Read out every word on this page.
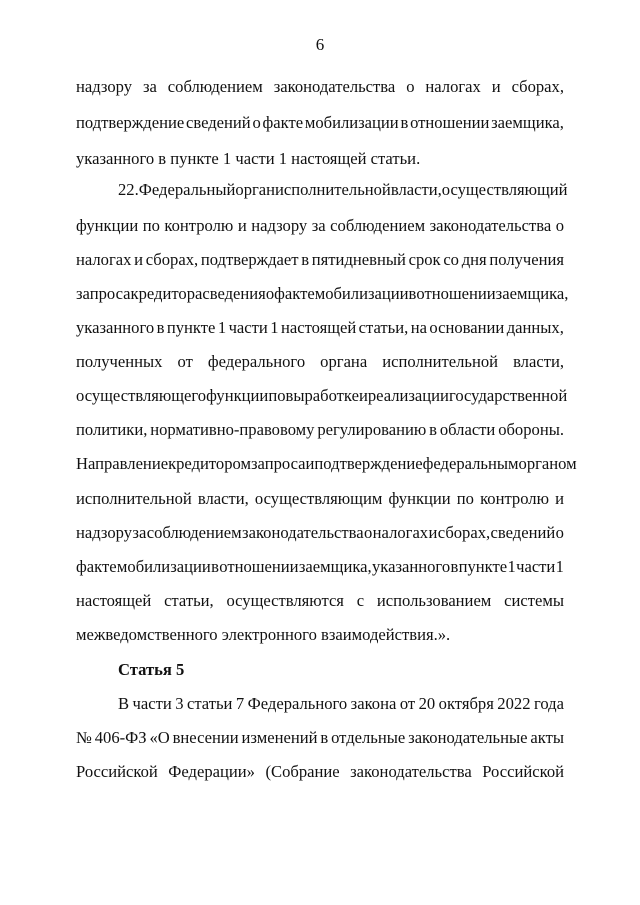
6
надзору за соблюдением законодательства о налогах и сборах,
подтверждение сведений о факте мобилизации в отношении заемщика,
указанного в пункте 1 части 1 настоящей статьи.
22. Федеральный орган исполнительной власти, осуществляющий
функции по контролю и надзору за соблюдением законодательства о
налогах и сборах, подтверждает в пятидневный срок со дня получения
запроса кредитора сведения о факте мобилизации в отношении заемщика,
указанного в пункте 1 части 1 настоящей статьи, на основании данных,
полученных от федерального органа исполнительной власти,
осуществляющего функции по выработке и реализации государственной
политики, нормативно-правовому регулированию в области обороны.
Направление кредитором запроса и подтверждение федеральным органом
исполнительной власти, осуществляющим функции по контролю и
надзору за соблюдением законодательства о налогах и сборах, сведений о
факте мобилизации в отношении заемщика, указанного в пункте 1 части 1
настоящей статьи, осуществляются с использованием системы
межведомственного электронного взаимодействия.».
Статья 5
В части 3 статьи 7 Федерального закона от 20 октября 2022 года
№ 406-ФЗ «О внесении изменений в отдельные законодательные акты
Российской Федерации» (Собрание законодательства Российской
